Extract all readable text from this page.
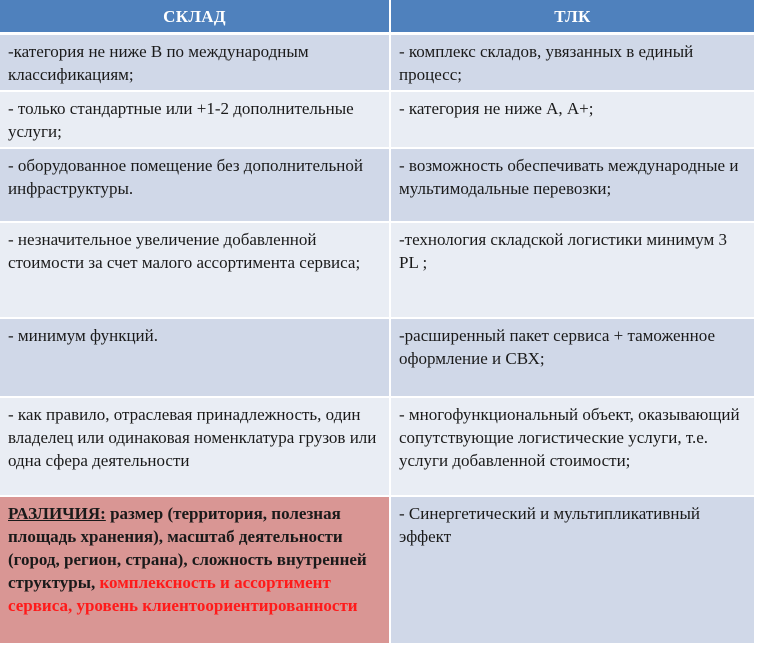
СКЛАД	ТЛК
-категория не ниже В по международным классификациям;	- комплекс складов, увязанных в единый процесс;
- только стандартные или +1-2 дополнительные услуги;	- категория не ниже А, А+;
- оборудованное помещение без дополнительной инфраструктуры.	- возможность обеспечивать международные и мультимодальные перевозки;
- незначительное увеличение добавленной стоимости за счет малого ассортимента сервиса;	-технология складской логистики минимум 3 PL ;
- минимум функций.	-расширенный пакет сервиса + таможенное оформление и СВХ;
- как правило, отраслевая принадлежность, один владелец или одинаковая номенклатура грузов или одна сфера деятельности	- многофункциональный объект, оказывающий сопутствующие логистические услуги, т.е. услуги добавленной стоимости;
РАЗЛИЧИЯ: размер (территория, полезная площадь хранения), масштаб деятельности (город, регион, страна), сложность внутренней структуры, комплексность и ассортимент сервиса, уровень клиентоориентированности	- Синергетический и мультипликативный эффект
